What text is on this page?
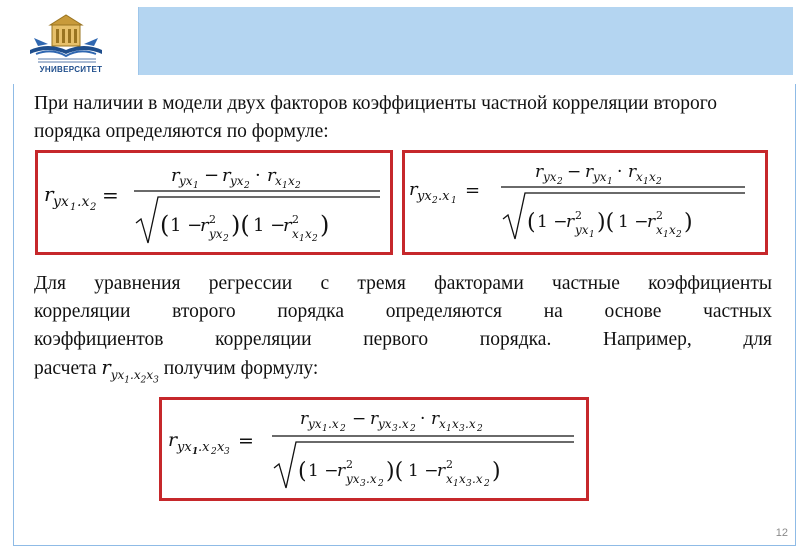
УНИВЕРСИТЕТ
При наличии в модели двух факторов коэффициенты частной корреляции второго порядка определяются по формуле:
r yx 1 .x 2
=
r yx 1 − r yx 2 · r x 1 x 2
( 1 −
r 2
yx 2 )( 1 −
r 2
x 1 x 2 )
r yx 2 .x 1 =
r yx 2 − r yx 1 · r x 1 x 2
( 1 −
r 2
yx 1 )( 1 −
r 2
x 1 x 2 )
Для уравнения регрессии с тремя факторами частные коэффициенты
корреляции второго порядка определяются на основе частных
коэффициентов корреляции первого порядка. Например, для
расчета $r_{yx_1.x_2x_3}$ получим формулу:
r yx 1 .x 2 x 3 =
r yx 1 .x 2 − r yx 3 .x 2 · r x 1 x 3 .x 2
( 1 −
r 2
yx 3 .x 2 )( 1 −
r 2
x 1 x 3 .x 2 )
12
